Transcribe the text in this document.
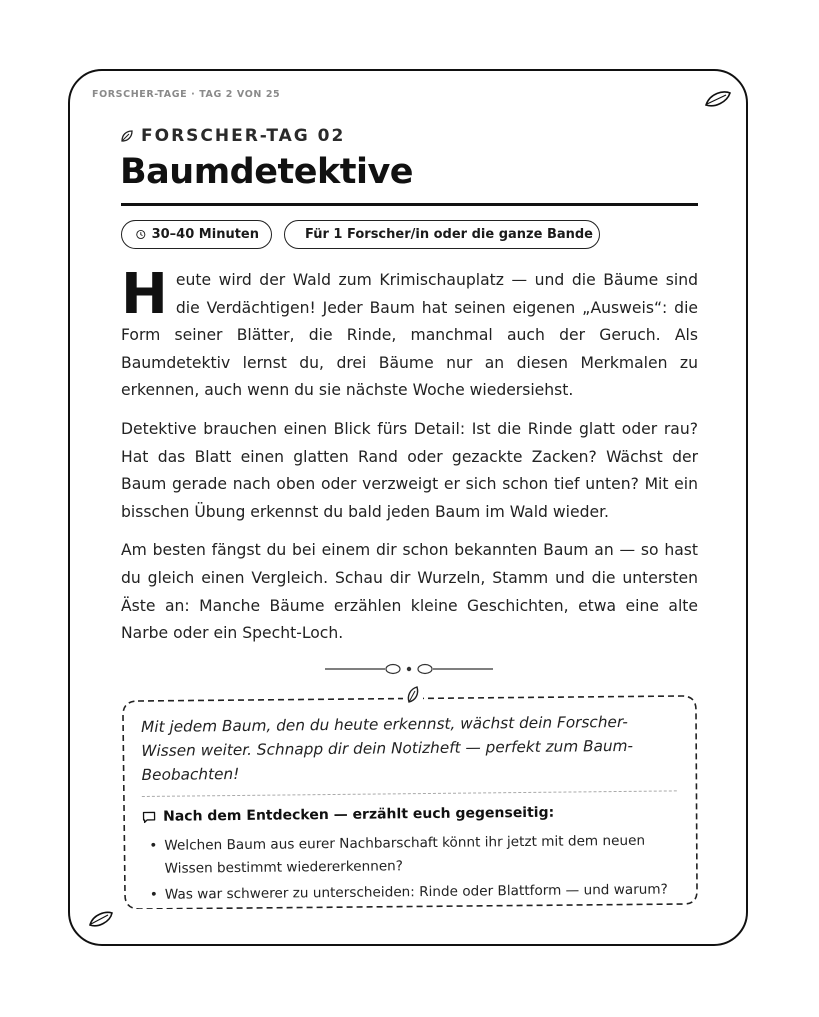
FORSCHER-TAGE · TAG 2 VON 25
FORSCHER-TAG 02
Baumdetektive
30–40 Minuten	Für 1 Forscher/in oder die ganze Bande

Heute wird der Wald zum Krimischauplatz — und die Bäume sind die Verdächtigen! Jeder Baum hat seinen eigenen „Ausweis“: die Form seiner Blätter, die Rinde, manchmal auch der Geruch. Als Baumdetektiv lernst du, drei Bäume nur an diesen Merkmalen zu erkennen, auch wenn du sie nächste Woche wiedersiehst.

Detektive brauchen einen Blick fürs Detail: Ist die Rinde glatt oder rau? Hat das Blatt einen glatten Rand oder gezackte Zacken? Wächst der Baum gerade nach oben oder verzweigt er sich schon tief unten? Mit ein bisschen Übung erkennst du bald jeden Baum im Wald wieder.

Am besten fängst du bei einem dir schon bekannten Baum an — so hast du gleich einen Vergleich. Schau dir Wurzeln, Stamm und die untersten Äste an: Manche Bäume erzählen kleine Geschichten, etwa eine alte Narbe oder ein Specht-Loch.

Mit jedem Baum, den du heute erkennst, wächst dein Forscher-Wissen weiter. Schnapp dir dein Notizheft — perfekt zum Baum-Beobachten!
Nach dem Entdecken — erzählt euch gegenseitig:
• Welchen Baum aus eurer Nachbarschaft könnt ihr jetzt mit dem neuen Wissen bestimmt wiedererkennen?
• Was war schwerer zu unterscheiden: Rinde oder Blattform — und warum?
